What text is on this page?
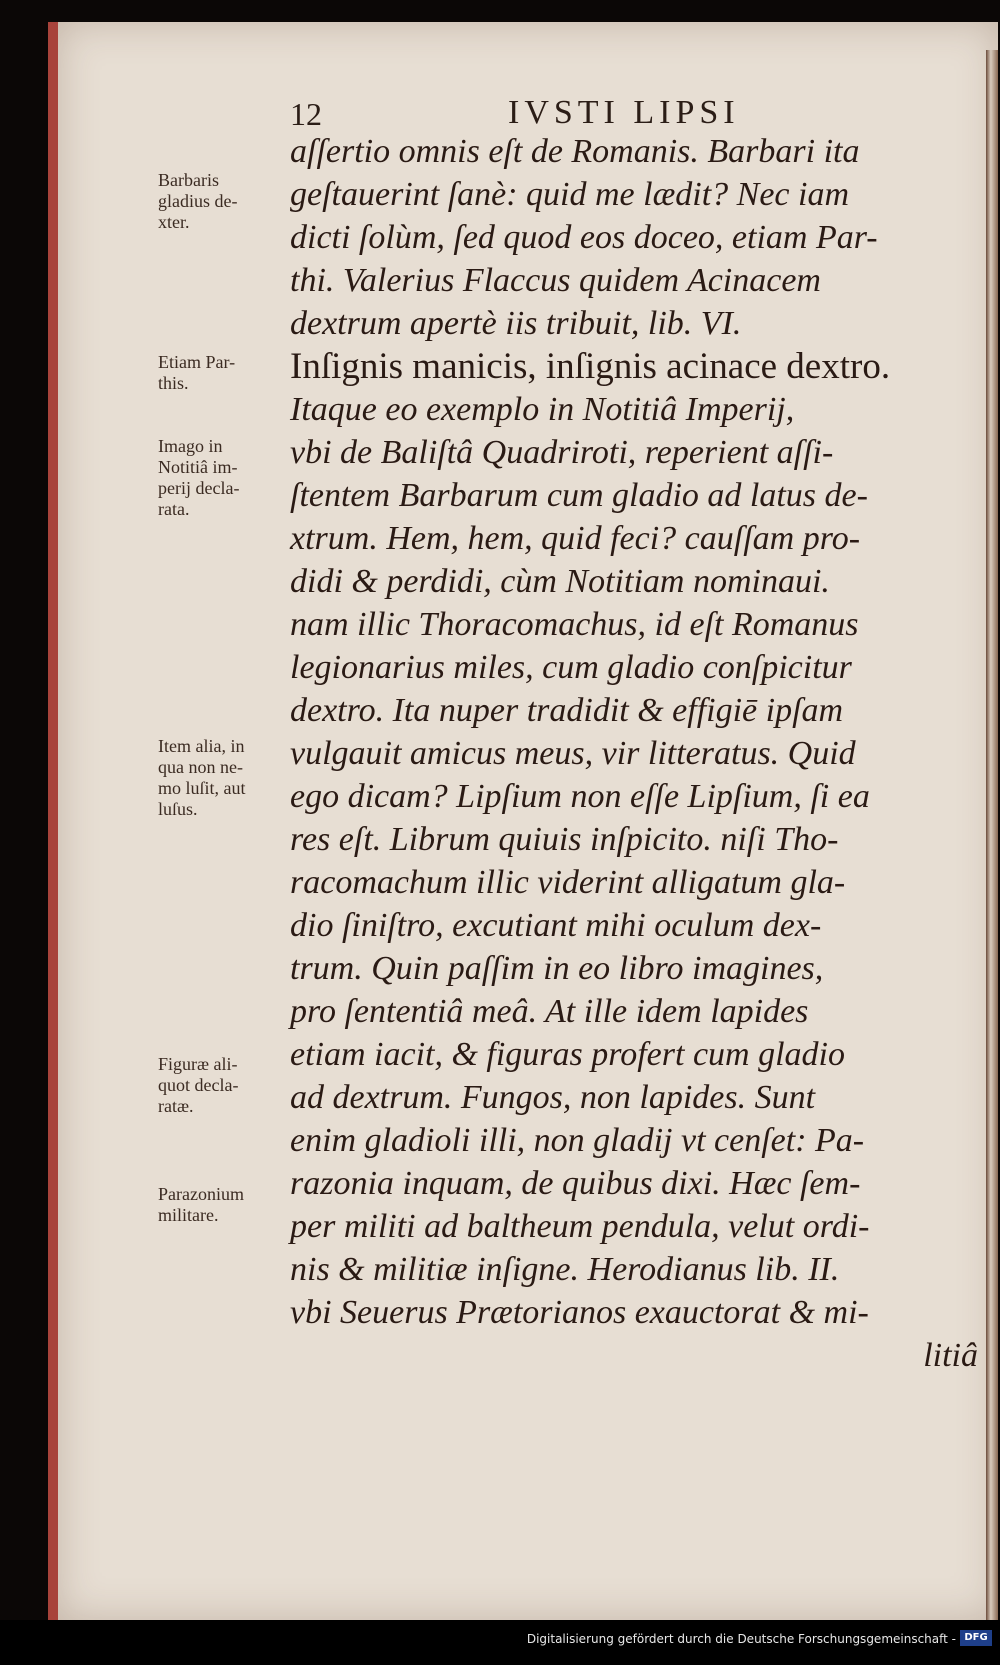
12	IVSTI LIPSI
aſſertio omnis eſt de Romanis. Barbari ita
geſtauerint ſanè: quid me lædit? Nec iam
dicti ſolùm, ſed quod eos doceo, etiam Par-
thi. Valerius Flaccus quidem Acinacem
dextrum apertè iis tribuit, lib. VI.
Inſignis manicis, inſignis acinace dextro.
Itaque eo exemplo in Notitiâ Imperij,
vbi de Baliſtâ Quadriroti, reperient aſſi-
ſtentem Barbarum cum gladio ad latus de-
xtrum. Hem, hem, quid feci? cauſſam pro-
didi & perdidi, cùm Notitiam nominaui.
nam illic Thoracomachus, id eſt Romanus
legionarius miles, cum gladio conſpicitur
dextro. Ita nuper tradidit & effigiē ipſam
vulgauit amicus meus, vir litteratus. Quid
ego dicam? Lipſium non eſſe Lipſium, ſi ea
res eſt. Librum quiuis inſpicito. niſi Tho-
racomachum illic viderint alligatum gla-
dio ſiniſtro, excutiant mihi oculum dex-
trum. Quin paſſim in eo libro imagines,
pro ſententiâ meâ. At ille idem lapides
etiam iacit, & figuras profert cum gladio
ad dextrum. Fungos, non lapides. Sunt
enim gladioli illi, non gladij vt cenſet: Pa-
razonia inquam, de quibus dixi. Hæc ſem-
per militi ad baltheum pendula, velut ordi-
nis & militiæ inſigne. Herodianus lib. II.
vbi Seuerus Prætorianos exauctorat & mi-
litiâ
Barbaris
gladius de-
xter.
Etiam Par-
this.
Imago in
Notitiâ im-
perij decla-
rata.
Item alia, in
qua non ne-
mo luſit, aut
luſus.
Figuræ ali-
quot decla-
ratæ.
Parazonium
militare.
Digitalisierung gefördert durch die Deutsche Forschungsgemeinschaft - DFG
